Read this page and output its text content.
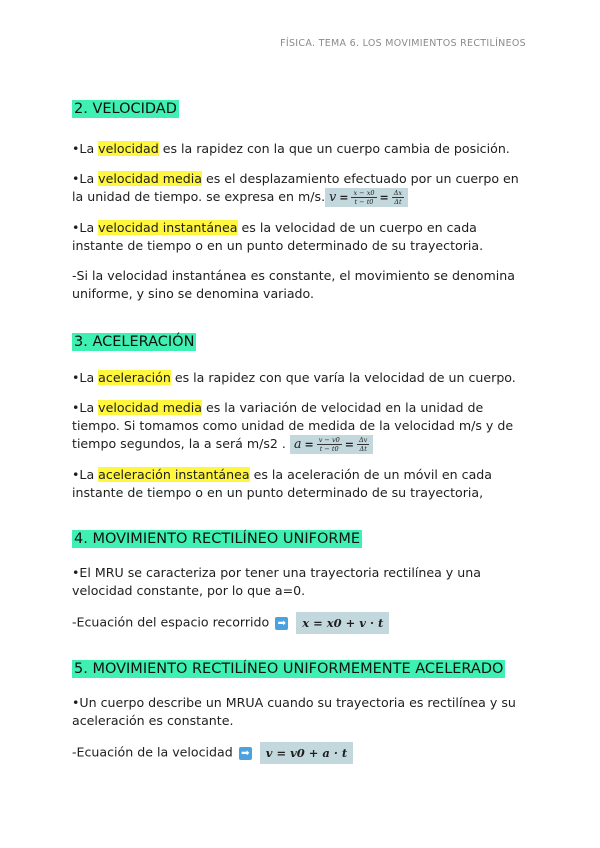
FÍSICA. TEMA 6. LOS MOVIMIENTOS RECTILÍNEOS
2. VELOCIDAD

•La velocidad es la rapidez con la que un cuerpo cambia de posición.

•La velocidad media es el desplazamiento efectuado por un cuerpo en la unidad de tiempo. se expresa en m/s. $v = \frac{x - x0}{t - t0} = \frac{\Delta x}{\Delta t}$

•La velocidad instantánea es la velocidad de un cuerpo en cada instante de tiempo o en un punto determinado de su trayectoria.

-Si la velocidad instantánea es constante, el movimiento se denomina uniforme, y sino se denomina variado.

3. ACELERACIÓN

•La aceleración es la rapidez con que varía la velocidad de un cuerpo.

•La velocidad media es la variación de velocidad en la unidad de tiempo. Si tomamos como unidad de medida de la velocidad m/s y de tiempo segundos, la a será m/s2 . $a = \frac{v - v0}{t - t0} = \frac{\Delta v}{\Delta t}$

•La aceleración instantánea es la aceleración de un móvil en cada instante de tiempo o en un punto determinado de su trayectoria,

4. MOVIMIENTO RECTILÍNEO UNIFORME

•El MRU se caracteriza por tener una trayectoria rectilínea y una velocidad constante, por lo que a=0.

-Ecuación del espacio recorrido ➡ x = x0 + v · t

5. MOVIMIENTO RECTILÍNEO UNIFORMEMENTE ACELERADO

•Un cuerpo describe un MRUA cuando su trayectoria es rectilínea y su aceleración es constante.

-Ecuación de la velocidad ➡ v = v0 + a · t
